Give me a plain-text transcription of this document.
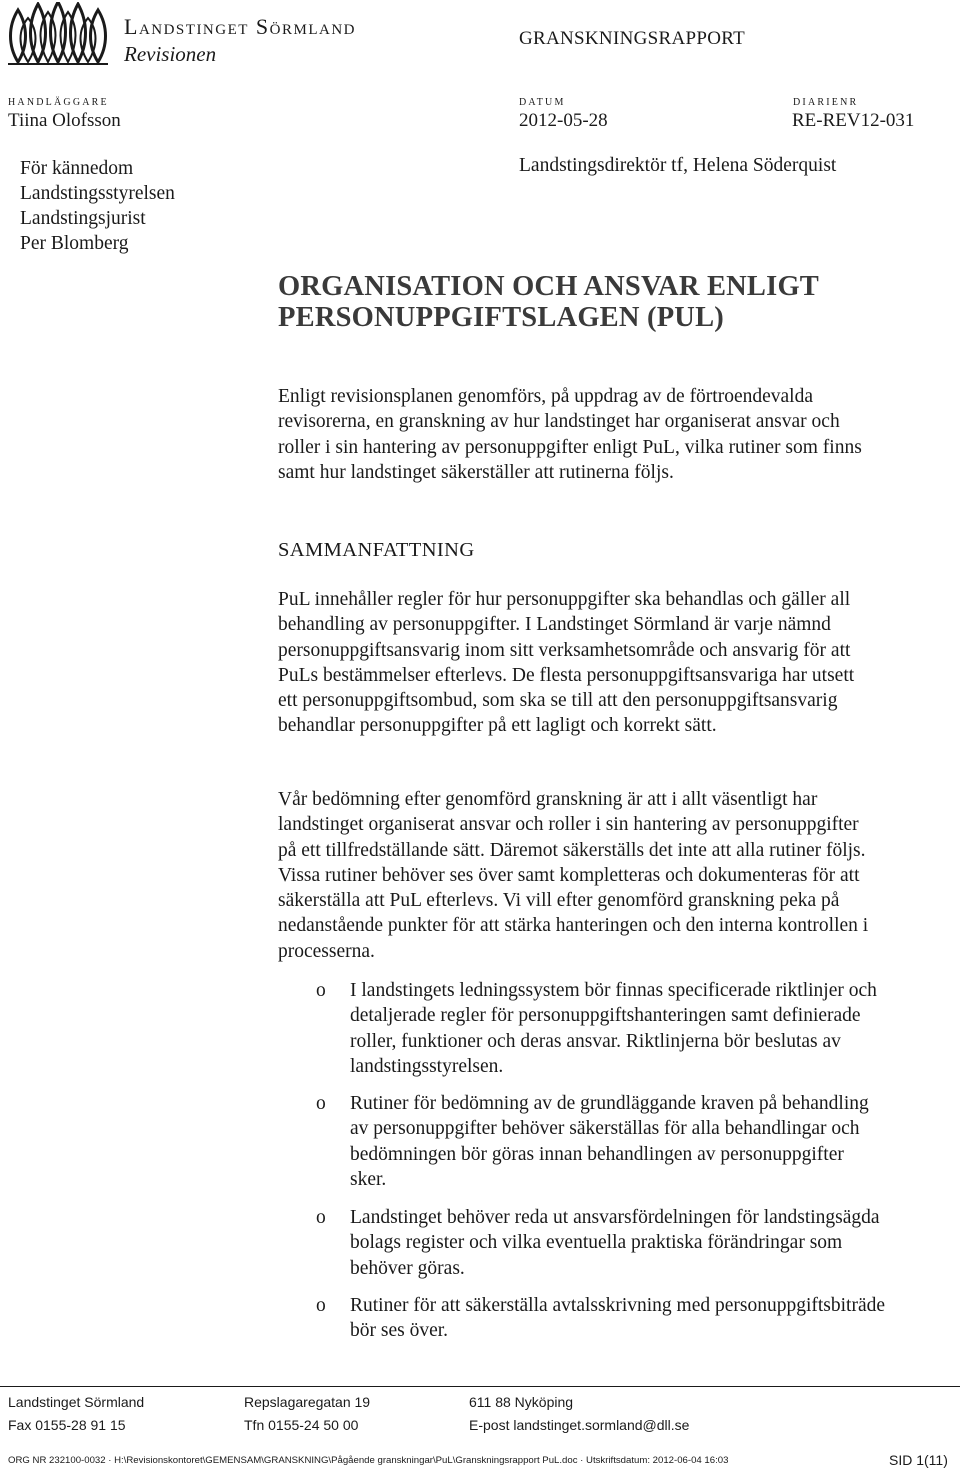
Landstinget Sörmland
Revisionen
GRANSKNINGSRAPPORT
HANDLÄGGARE
Tiina Olofsson
DATUM
2012-05-28
DIARIENR
RE-REV12-031
För kännedom
Landstingsstyrelsen
Landstingsjurist
Per Blomberg
Landstingsdirektör tf, Helena Söderquist
ORGANISATION OCH ANSVAR ENLIGT
PERSONUPPGIFTSLAGEN (PUL)
Enligt revisionsplanen genomförs, på uppdrag av de förtroendevalda
revisorerna, en granskning av hur landstinget har organiserat ansvar och
roller i sin hantering av personuppgifter enligt PuL, vilka rutiner som finns
samt hur landstinget säkerställer att rutinerna följs.
SAMMANFATTNING
PuL innehåller regler för hur personuppgifter ska behandlas och gäller all
behandling av personuppgifter. I Landstinget Sörmland är varje nämnd
personuppgiftsansvarig inom sitt verksamhetsområde och ansvarig för att
PuLs bestämmelser efterlevs. De flesta personuppgiftsansvariga har utsett
ett personuppgiftsombud, som ska se till att den personuppgiftsansvarig
behandlar personuppgifter på ett lagligt och korrekt sätt.
Vår bedömning efter genomförd granskning är att i allt väsentligt har
landstinget organiserat ansvar och roller i sin hantering av personuppgifter
på ett tillfredställande sätt. Däremot säkerställs det inte att alla rutiner följs.
Vissa rutiner behöver ses över samt kompletteras och dokumenteras för att
säkerställa att PuL efterlevs. Vi vill efter genomförd granskning peka på
nedanstående punkter för att stärka hanteringen och den interna kontrollen i
processerna.
o I landstingets ledningssystem bör finnas specificerade riktlinjer och
detaljerade regler för personuppgiftshanteringen samt definierade
roller, funktioner och deras ansvar. Riktlinjerna bör beslutas av
landstingsstyrelsen.
o Rutiner för bedömning av de grundläggande kraven på behandling
av personuppgifter behöver säkerställas för alla behandlingar och
bedömningen bör göras innan behandlingen av personuppgifter
sker.
o Landstinget behöver reda ut ansvarsfördelningen för landstingsägda
bolags register och vilka eventuella praktiska förändringar som
behöver göras.
o Rutiner för att säkerställa avtalsskrivning med personuppgiftsbiträde
bör ses över.
Landstinget Sörmland	Repslagaregatan 19	611 88 Nyköping
Fax 0155-28 91 15	Tfn 0155-24 50 00	E-post landstinget.sormland@dll.se
ORG NR 232100-0032 · H:\Revisionskontoret\GEMENSAM\GRANSKNING\Pågående granskningar\PuL\Granskningsrapport PuL.doc · Utskriftsdatum: 2012-06-04 16:03	SID 1(11)
